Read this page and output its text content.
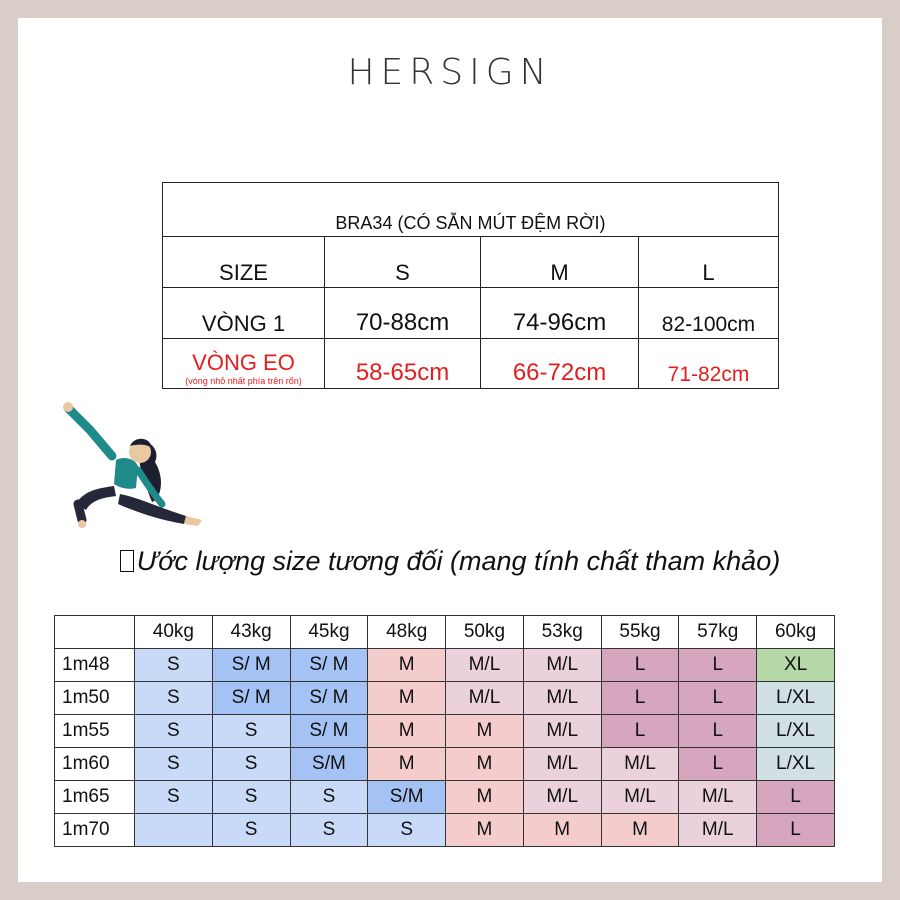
HERSIGN
BRA34 (CÓ SẴN MÚT ĐỆM RỜI)			
SIZE	S	M	L
VÒNG 1	70-88cm	74-96cm	82-100cm
VÒNG EO
(vòng nhỏ nhất phía trên rốn)	58-65cm	66-72cm	71-82cm
Ước lượng size tương đối (mang tính chất tham khảo)
	40kg	43kg	45kg	48kg	50kg	53kg	55kg	57kg	60kg
1m48	S	S/ M	S/ M	M	M/L	M/L	L	L	XL
1m50	S	S/ M	S/ M	M	M/L	M/L	L	L	L/XL
1m55	S	S	S/ M	M	M	M/L	L	L	L/XL
1m60	S	S	S/M	M	M	M/L	M/L	L	L/XL
1m65	S	S	S	S/M	M	M/L	M/L	M/L	L
1m70		S	S	S	M	M	M	M/L	L
